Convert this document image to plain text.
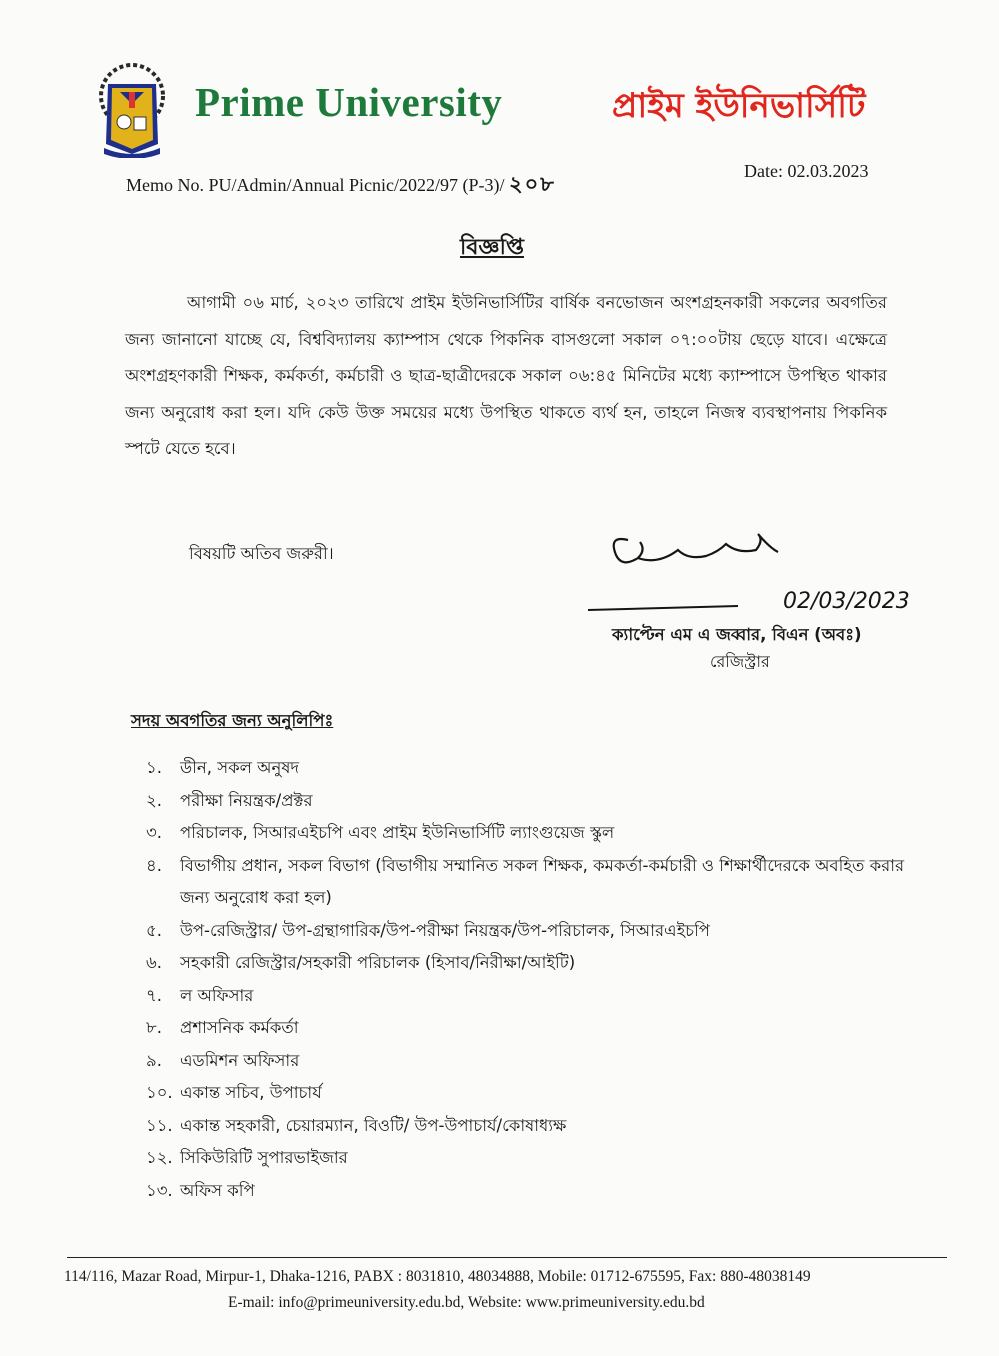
Prime University	প্রাইম ইউনিভার্সিটি
Memo No. PU/Admin/Annual Picnic/2022/97 (P-3)/ ২০৮
Date: 02.03.2023
বিজ্ঞপ্তি

আগামী ০৬ মার্চ, ২০২৩ তারিখে প্রাইম ইউনিভার্সিটির বার্ষিক বনভোজন অংশগ্রহনকারী সকলের অবগতির জন্য জানানো যাচ্ছে যে, বিশ্ববিদ্যালয় ক্যাম্পাস থেকে পিকনিক বাসগুলো সকাল ০৭:০০টায় ছেড়ে যাবে। এক্ষেত্রে অংশগ্রহণকারী শিক্ষক, কর্মকর্তা, কর্মচারী ও ছাত্র-ছাত্রীদেরকে সকাল ০৬:৪৫ মিনিটের মধ্যে ক্যাম্পাসে উপস্থিত থাকার জন্য অনুরোধ করা হল। যদি কেউ উক্ত সময়ের মধ্যে উপস্থিত থাকতে ব্যর্থ হন, তাহলে নিজস্ব ব্যবস্থাপনায় পিকনিক স্পটে যেতে হবে।

বিষয়টি অতিব জরুরী।
02/03/2023
ক্যাপ্টেন এম এ জব্বার, বিএন (অবঃ)
রেজিস্ট্রার
সদয় অবগতির জন্য অনুলিপিঃ
১.	ডীন, সকল অনুষদ
২.	পরীক্ষা নিয়ন্ত্রক/প্রক্টর
৩.	পরিচালক, সিআরএইচপি এবং প্রাইম ইউনিভার্সিটি ল্যাংগুয়েজ স্কুল
৪.	বিভাগীয় প্রধান, সকল বিভাগ (বিভাগীয় সম্মানিত সকল শিক্ষক, কমকর্তা-কর্মচারী ও শিক্ষার্থীদেরকে অবহিত করার জন্য অনুরোধ করা হল)
৫.	উপ-রেজিস্ট্রার/ উপ-গ্রন্থাগারিক/উপ-পরীক্ষা নিয়ন্ত্রক/উপ-পরিচালক, সিআরএইচপি
৬.	সহকারী রেজিস্ট্রার/সহকারী পরিচালক (হিসাব/নিরীক্ষা/আইটি)
৭.	ল অফিসার
৮.	প্রশাসনিক কর্মকর্তা
৯.	এডমিশন অফিসার
১০. একান্ত সচিব, উপাচার্য
১১. একান্ত সহকারী, চেয়ারম্যান, বিওটি/ উপ-উপাচার্য/কোষাধ্যক্ষ
১২. সিকিউরিটি সুপারভাইজার
১৩. অফিস কপি
114/116, Mazar Road, Mirpur-1, Dhaka-1216, PABX : 8031810, 48034888, Mobile: 01712-675595, Fax: 880-48038149
E-mail: info@primeuniversity.edu.bd, Website: www.primeuniversity.edu.bd
